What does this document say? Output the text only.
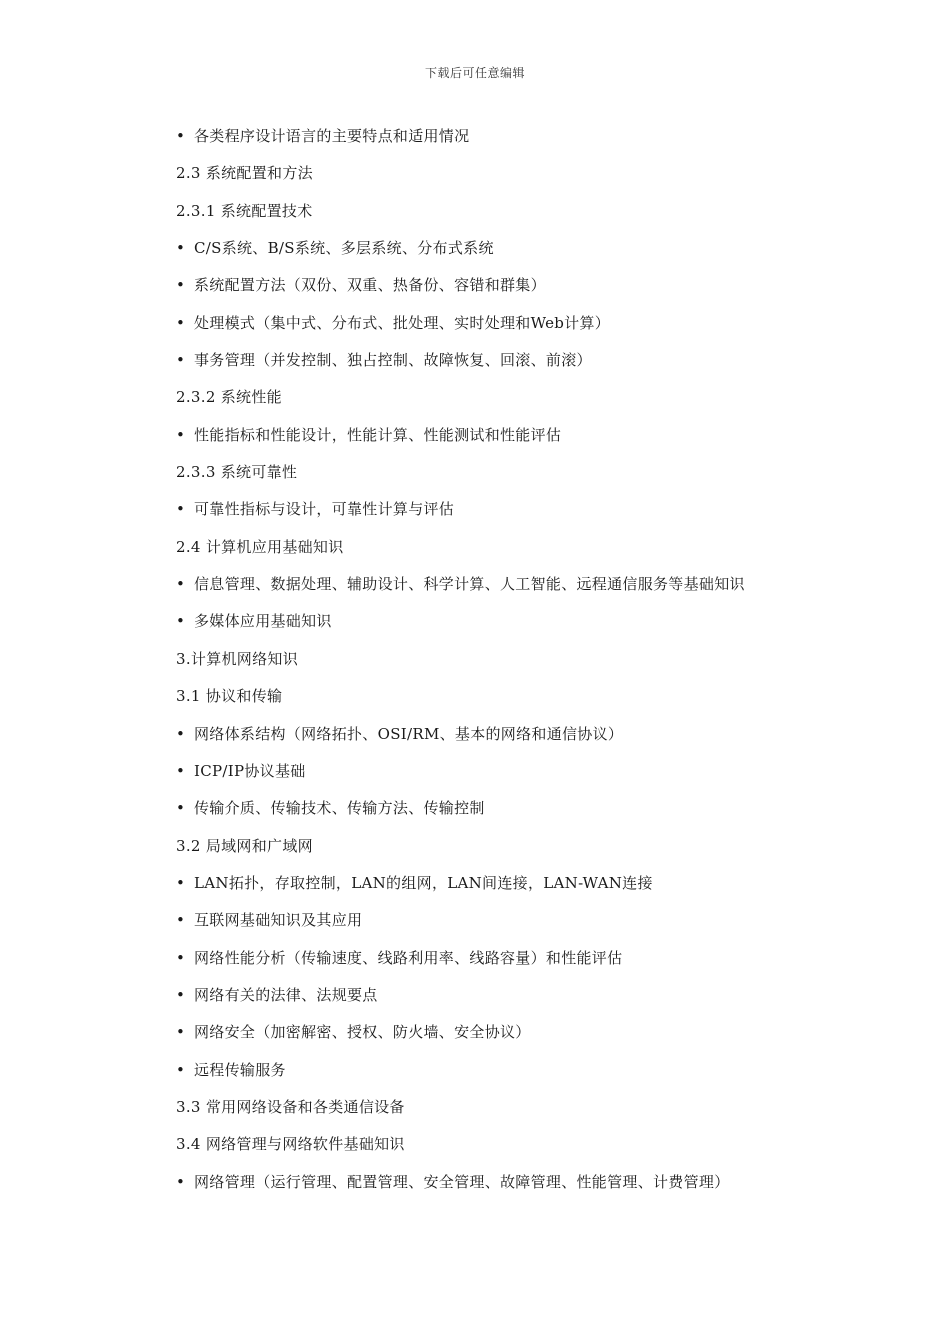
下载后可任意编辑
• 各类程序设计语言的主要特点和适用情况
2.3 系统配置和方法
2.3.1 系统配置技术
• C/S系统、B/S系统、多层系统、分布式系统
• 系统配置方法（双份、双重、热备份、容错和群集）
• 处理模式（集中式、分布式、批处理、实时处理和Web计算）
• 事务管理（并发控制、独占控制、故障恢复、回滚、前滚）
2.3.2 系统性能
• 性能指标和性能设计，性能计算、性能测试和性能评估
2.3.3 系统可靠性
• 可靠性指标与设计，可靠性计算与评估
2.4 计算机应用基础知识
• 信息管理、数据处理、辅助设计、科学计算、人工智能、远程通信服务等基础知识
• 多媒体应用基础知识
3.计算机网络知识
3.1 协议和传输
• 网络体系结构（网络拓扑、OSI/RM、基本的网络和通信协议）
• ICP/IP协议基础
• 传输介质、传输技术、传输方法、传输控制
3.2 局域网和广域网
• LAN拓扑，存取控制，LAN的组网，LAN间连接，LAN-WAN连接
• 互联网基础知识及其应用
• 网络性能分析（传输速度、线路利用率、线路容量）和性能评估
• 网络有关的法律、法规要点
• 网络安全（加密解密、授权、防火墙、安全协议）
• 远程传输服务
3.3 常用网络设备和各类通信设备
3.4 网络管理与网络软件基础知识
• 网络管理（运行管理、配置管理、安全管理、故障管理、性能管理、计费管理）
